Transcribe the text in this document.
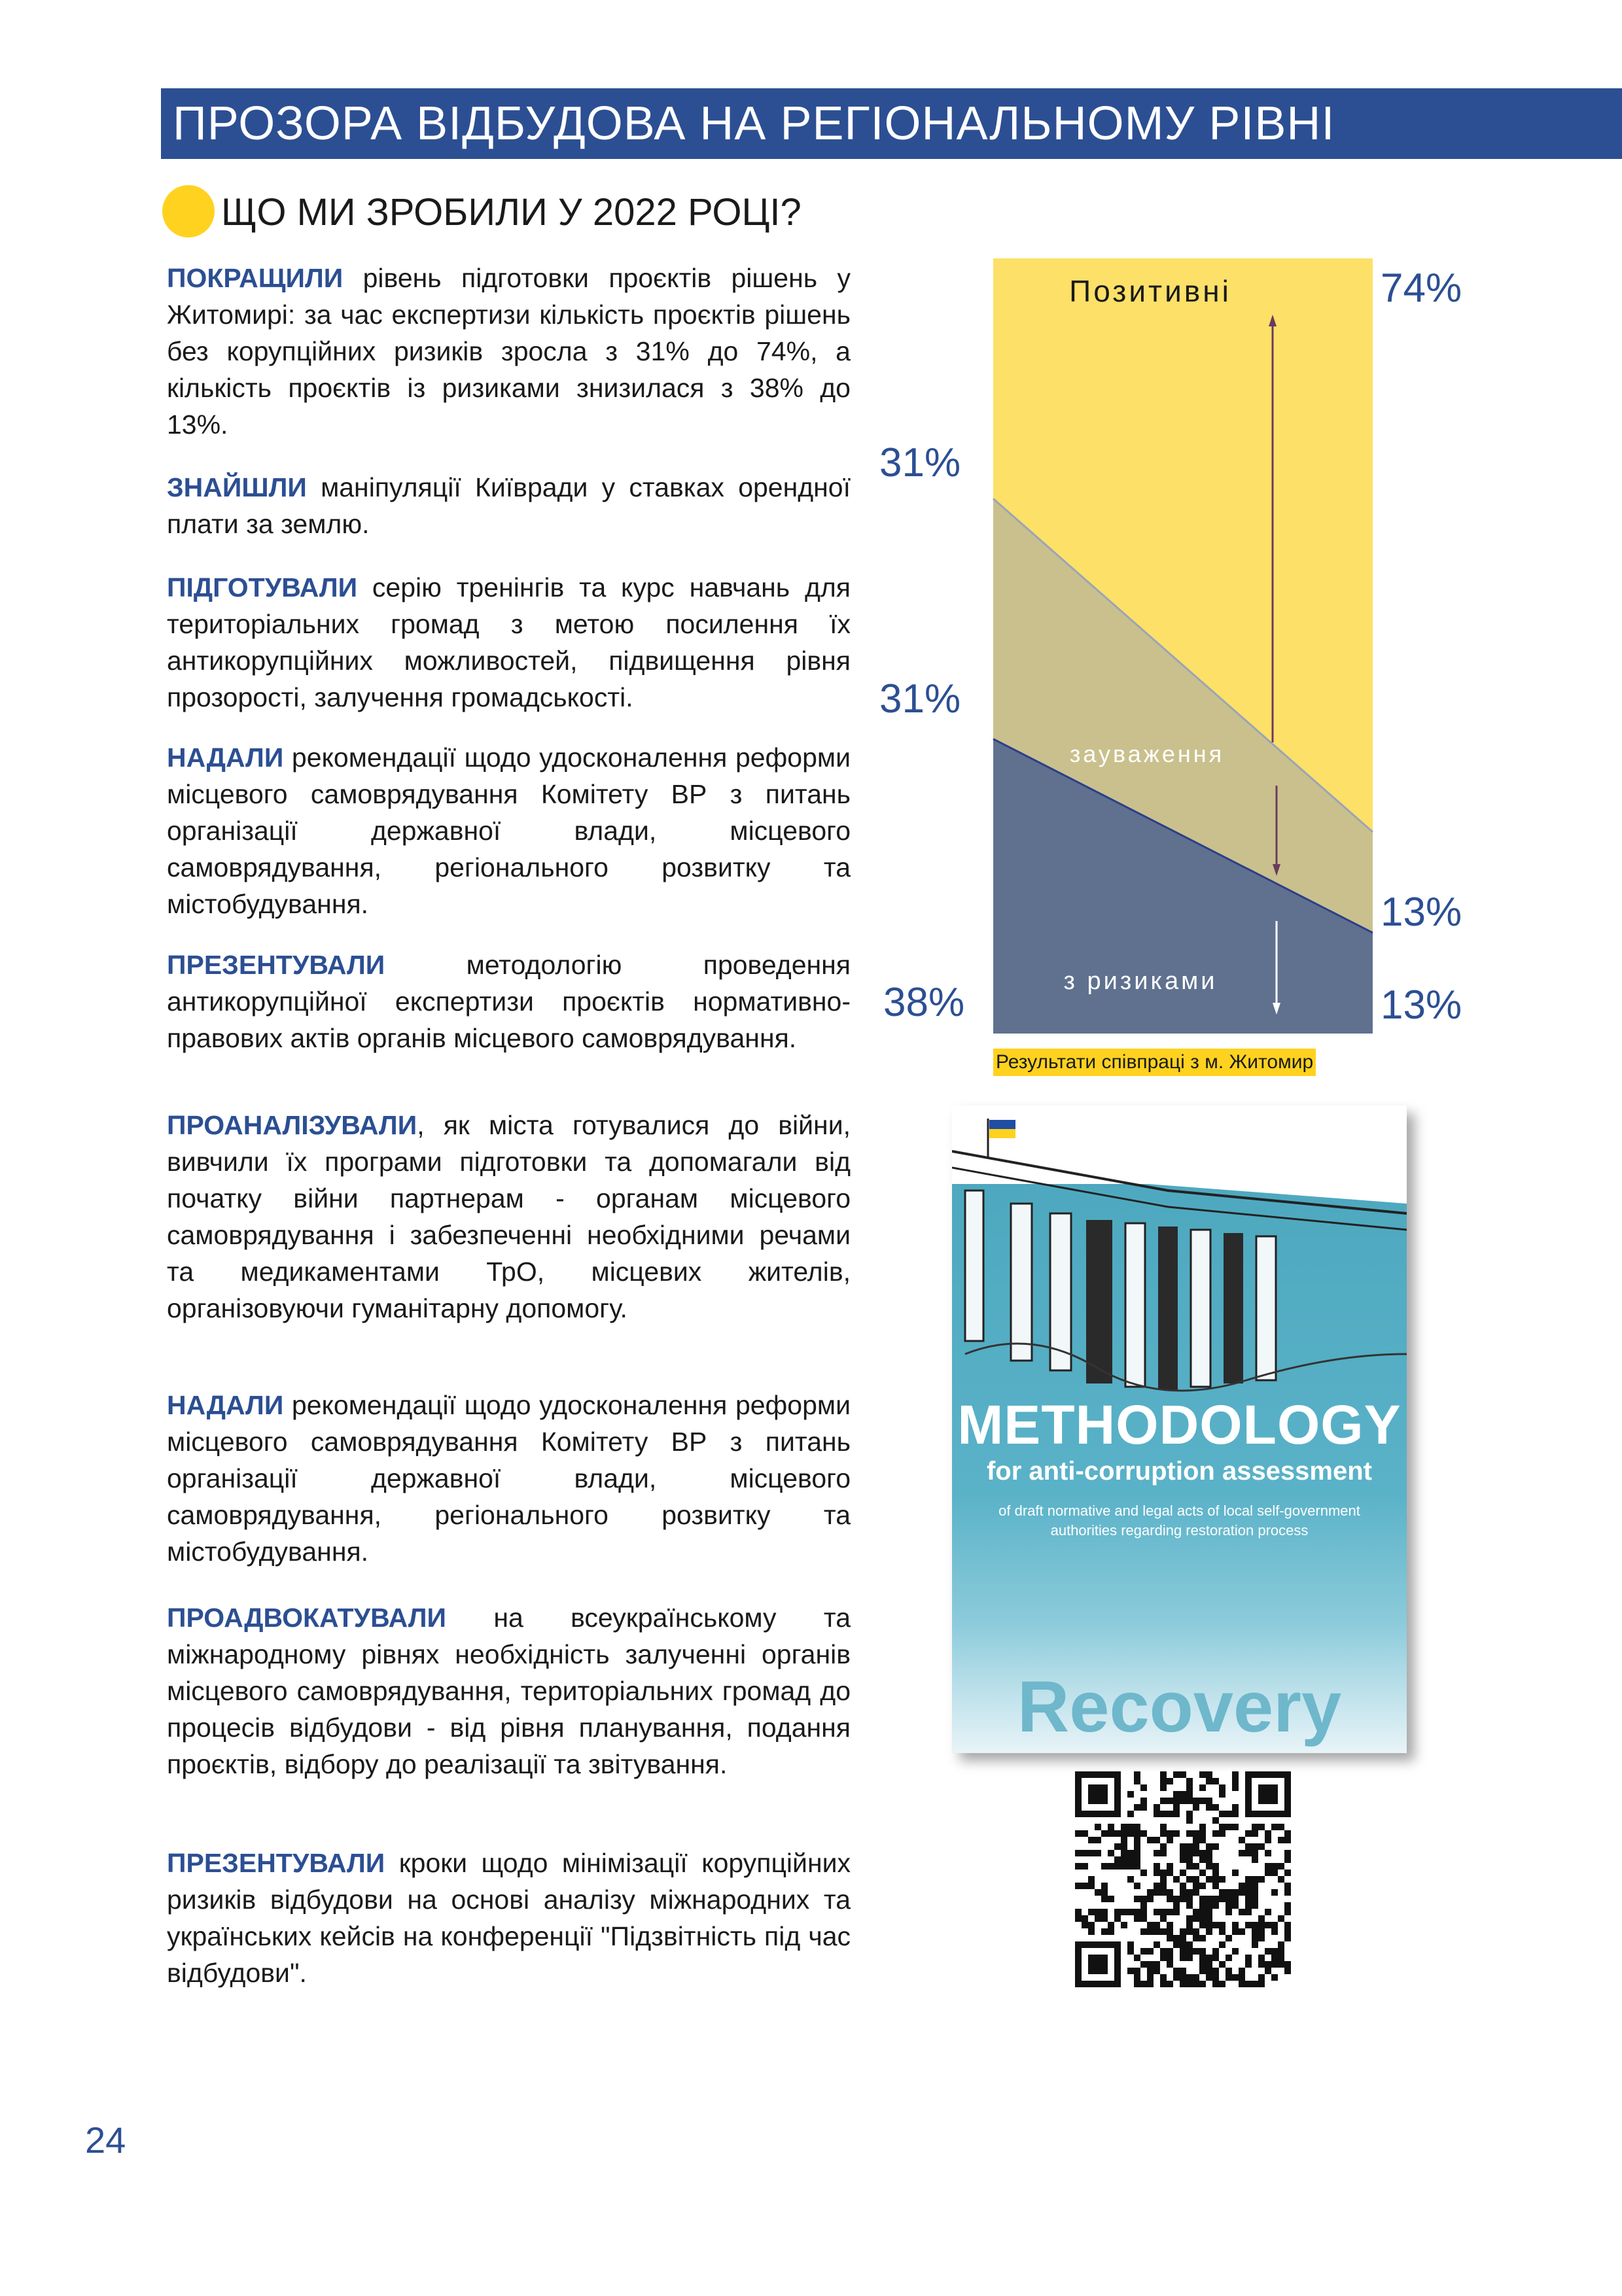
ПРОЗОРА ВІДБУДОВА НА РЕГІОНАЛЬНОМУ РІВНІ
ЩО МИ ЗРОБИЛИ У 2022 РОЦІ?
ПОКРАЩИЛИ рівень підготовки проєктів рішень у Житомирі: за час експертизи кількість проєктів рішень без корупційних ризиків зросла з 31% до 74%, а кількість проєктів із ризиками знизилася з 38% до 13%.
ЗНАЙШЛИ маніпуляції Київради у ставках орендної плати за землю.
ПІДГОТУВАЛИ серію тренінгів та курс навчань для територіальних громад з метою посилення їх антикорупційних можливостей, підвищення рівня прозорості, залучення громадськості.
НАДАЛИ рекомендації щодо удосконалення реформи місцевого самоврядування Комітету ВР з питань організації державної влади, місцевого самоврядування, регіонального розвитку та містобудування.
ПРЕЗЕНТУВАЛИ методологію проведення антикорупційної експертизи проєктів нормативно-правових актів органів місцевого самоврядування.
ПРОАНАЛІЗУВАЛИ, як міста готувалися до війни, вивчили їх програми підготовки та допомагали від початку війни партнерам - органам місцевого самоврядування і забезпеченні необхідними речами та медикаментами ТрО, місцевих жителів, організовуючи гуманітарну допомогу.
НАДАЛИ рекомендації щодо удосконалення реформи місцевого самоврядування Комітету ВР з питань організації державної влади, місцевого самоврядування, регіонального розвитку та містобудування.
ПРОАДВОКАТУВАЛИ на всеукраїнському та міжнародному рівнях необхідність залученні органів місцевого самоврядування, територіальних громад до процесів відбудови - від рівня планування, подання проєктів, відбору до реалізації та звітування.
ПРЕЗЕНТУВАЛИ кроки щодо мінімізації корупційних ризиків відбудови на основі аналізу міжнародних та українських кейсів на конференції "Підзвітність під час відбудови".
Позитивні
зауваження
з ризиками
74%
31%
31%
13%
38%	13%
Результати співпраці з м. Житомир
METHODOLOGY
for anti-corruption assessment
of draft normative and legal acts of local self-government authorities regarding restoration process
Recovery
24
